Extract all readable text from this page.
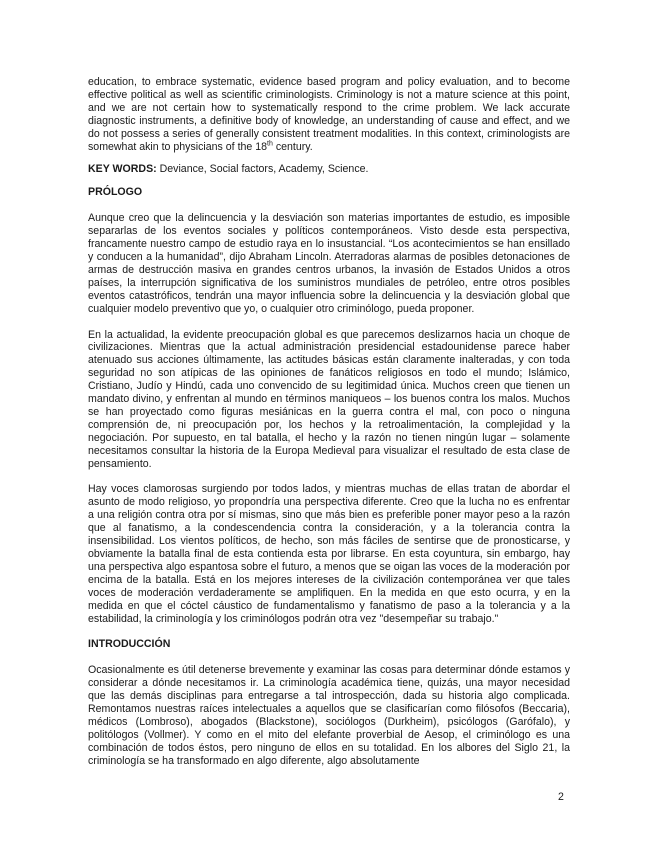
education, to embrace systematic, evidence based program and policy evaluation, and to become effective political as well as scientific criminologists. Criminology is not a mature science at this point, and we are not certain how to systematically respond to the crime problem. We lack accurate diagnostic instruments, a definitive body of knowledge, an understanding of cause and effect, and we do not possess a series of generally consistent treatment modalities. In this context, criminologists are somewhat akin to physicians of the 18th century.

KEY WORDS: Deviance, Social factors, Academy, Science.

PRÓLOGO

Aunque creo que la delincuencia y la desviación son materias importantes de estudio, es imposible separarlas de los eventos sociales y políticos contemporáneos. Visto desde esta perspectiva, francamente nuestro campo de estudio raya en lo insustancial. “Los acontecimientos se han ensillado y conducen a la humanidad”, dijo Abraham Lincoln. Aterradoras alarmas de posibles detonaciones de armas de destrucción masiva en grandes centros urbanos, la invasión de Estados Unidos a otros países, la interrupción significativa de los suministros mundiales de petróleo, entre otros posibles eventos catastróficos, tendrán una mayor influencia sobre la delincuencia y la desviación global que cualquier modelo preventivo que yo, o cualquier otro criminólogo, pueda proponer.

En la actualidad, la evidente preocupación global es que parecemos deslizarnos hacia un choque de civilizaciones. Mientras que la actual administración presidencial estadounidense parece haber atenuado sus acciones últimamente, las actitudes básicas están claramente inalteradas, y con toda seguridad no son atípicas de las opiniones de fanáticos religiosos en todo el mundo; Islámico, Cristiano, Judío y Hindú, cada uno convencido de su legitimidad única. Muchos creen que tienen un mandato divino, y enfrentan al mundo en términos maniqueos – los buenos contra los malos. Muchos se han proyectado como figuras mesiánicas en la guerra contra el mal, con poco o ninguna comprensión de, ni preocupación por, los hechos y la retroalimentación, la complejidad y la negociación. Por supuesto, en tal batalla, el hecho y la razón no tienen ningún lugar – solamente necesitamos consultar la historia de la Europa Medieval para visualizar el resultado de esta clase de pensamiento.

Hay voces clamorosas surgiendo por todos lados, y mientras muchas de ellas tratan de abordar el asunto de modo religioso, yo propondría una perspectiva diferente. Creo que la lucha no es enfrentar a una religión contra otra por sí mismas, sino que más bien es preferible poner mayor peso a la razón que al fanatismo, a la condescendencia contra la consideración, y a la tolerancia contra la insensibilidad. Los vientos políticos, de hecho, son más fáciles de sentirse que de pronosticarse, y obviamente la batalla final de esta contienda esta por librarse. En esta coyuntura, sin embargo, hay una perspectiva algo espantosa sobre el futuro, a menos que se oigan las voces de la moderación por encima de la batalla. Está en los mejores intereses de la civilización contemporánea ver que tales voces de moderación verdaderamente se amplifiquen. En la medida en que esto ocurra, y en la medida en que el cóctel cáustico de fundamentalismo y fanatismo de paso a la tolerancia y a la estabilidad, la criminología y los criminólogos podrán otra vez "desempeñar su trabajo."

INTRODUCCIÓN

Ocasionalmente es útil detenerse brevemente y examinar las cosas para determinar dónde estamos y considerar a dónde necesitamos ir. La criminología académica tiene, quizás, una mayor necesidad que las demás disciplinas para entregarse a tal introspección, dada su historia algo complicada. Remontamos nuestras raíces intelectuales a aquellos que se clasificarían como filósofos (Beccaria), médicos (Lombroso), abogados (Blackstone), sociólogos (Durkheim), psicólogos (Garófalo), y politólogos (Vollmer). Y como en el mito del elefante proverbial de Aesop, el criminólogo es una combinación de todos éstos, pero ninguno de ellos en su totalidad. En los albores del Siglo 21, la criminología se ha transformado en algo diferente, algo absolutamente

2
